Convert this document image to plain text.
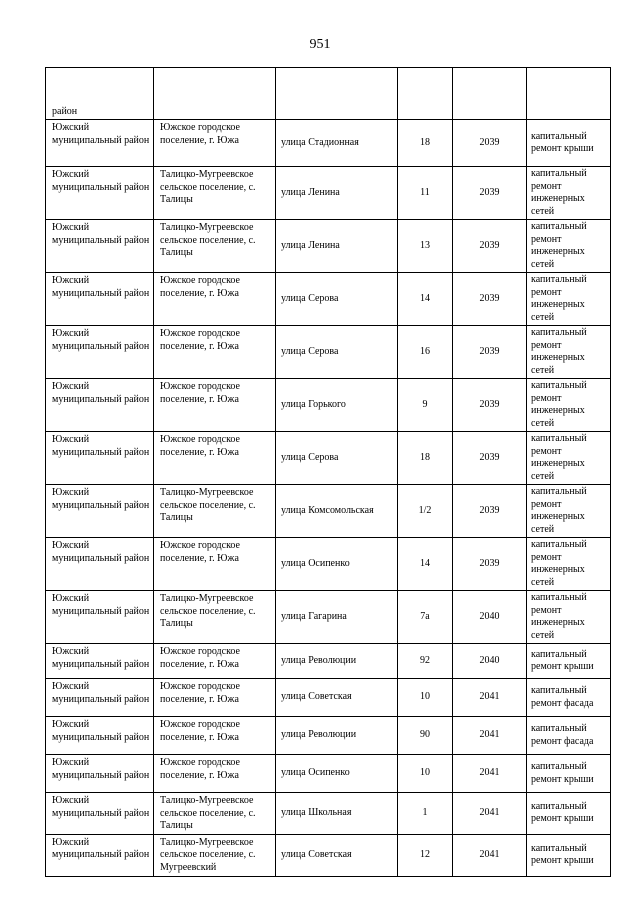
951
район					
Южский муниципальный район	Южское городское поселение, г. Южа	улица Стадионная	18	2039	капитальный ремонт крыши
Южский муниципальный район	Талицко-Мугреевское сельское поселение, с. Талицы	улица Ленина	11	2039	капитальный ремонт инженерных сетей
Южский муниципальный район	Талицко-Мугреевское сельское поселение, с. Талицы	улица Ленина	13	2039	капитальный ремонт инженерных сетей
Южский муниципальный район	Южское городское поселение, г. Южа	улица Серова	14	2039	капитальный ремонт инженерных сетей
Южский муниципальный район	Южское городское поселение, г. Южа	улица Серова	16	2039	капитальный ремонт инженерных сетей
Южский муниципальный район	Южское городское поселение, г. Южа	улица Горького	9	2039	капитальный ремонт инженерных сетей
Южский муниципальный район	Южское городское поселение, г. Южа	улица Серова	18	2039	капитальный ремонт инженерных сетей
Южский муниципальный район	Талицко-Мугреевское сельское поселение, с. Талицы	улица Комсомольская	1/2	2039	капитальный ремонт инженерных сетей
Южский муниципальный район	Южское городское поселение, г. Южа	улица Осипенко	14	2039	капитальный ремонт инженерных сетей
Южский муниципальный район	Талицко-Мугреевское сельское поселение, с. Талицы	улица Гагарина	7а	2040	капитальный ремонт инженерных сетей
Южский муниципальный район	Южское городское поселение, г. Южа	улица Революции	92	2040	капитальный ремонт крыши
Южский муниципальный район	Южское городское поселение, г. Южа	улица Советская	10	2041	капитальный ремонт фасада
Южский муниципальный район	Южское городское поселение, г. Южа	улица Революции	90	2041	капитальный ремонт фасада
Южский муниципальный район	Южское городское поселение, г. Южа	улица Осипенко	10	2041	капитальный ремонт крыши
Южский муниципальный район	Талицко-Мугреевское сельское поселение, с. Талицы	улица Школьная	1	2041	капитальный ремонт крыши
Южский муниципальный район	Талицко-Мугреевское сельское поселение, с. Мугреевский	улица Советская	12	2041	капитальный ремонт крыши
